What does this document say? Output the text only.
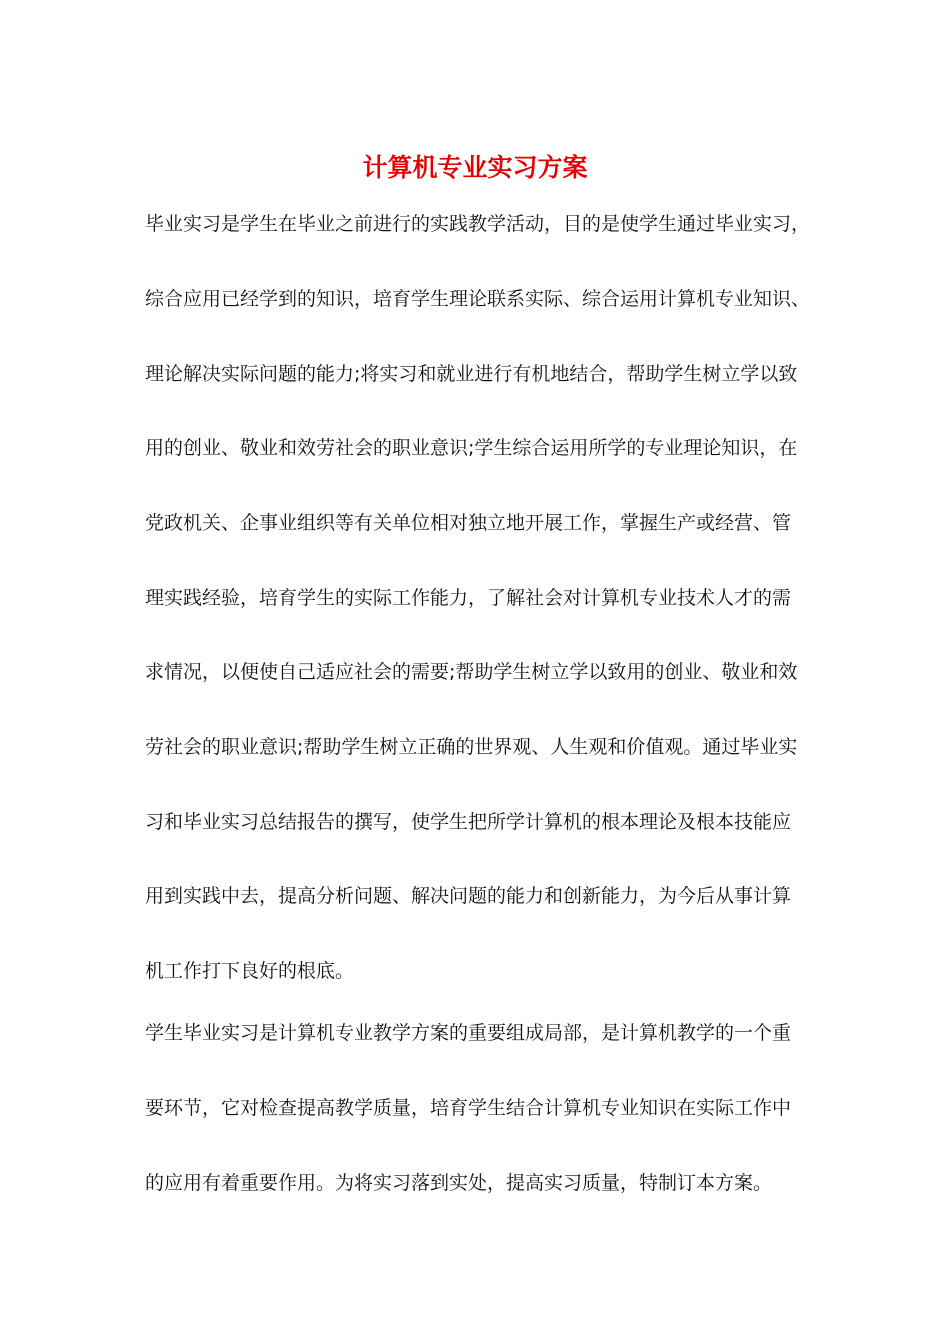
计算机专业实习方案

毕业实习是学生在毕业之前进行的实践教学活动，目的是使学生通过毕业实习，

综合应用已经学到的知识，培育学生理论联系实际、综合运用计算机专业知识、

理论解决实际问题的能力;将实习和就业进行有机地结合，帮助学生树立学以致

用的创业、敬业和效劳社会的职业意识;学生综合运用所学的专业理论知识，在

党政机关、企事业组织等有关单位相对独立地开展工作，掌握生产或经营、管

理实践经验，培育学生的实际工作能力，了解社会对计算机专业技术人才的需

求情况，以便使自己适应社会的需要;帮助学生树立学以致用的创业、敬业和效

劳社会的职业意识;帮助学生树立正确的世界观、人生观和价值观。通过毕业实

习和毕业实习总结报告的撰写，使学生把所学计算机的根本理论及根本技能应

用到实践中去，提高分析问题、解决问题的能力和创新能力，为今后从事计算

机工作打下良好的根底。

学生毕业实习是计算机专业教学方案的重要组成局部，是计算机教学的一个重

要环节，它对检查提高教学质量，培育学生结合计算机专业知识在实际工作中

的应用有着重要作用。为将实习落到实处，提高实习质量，特制订本方案。
